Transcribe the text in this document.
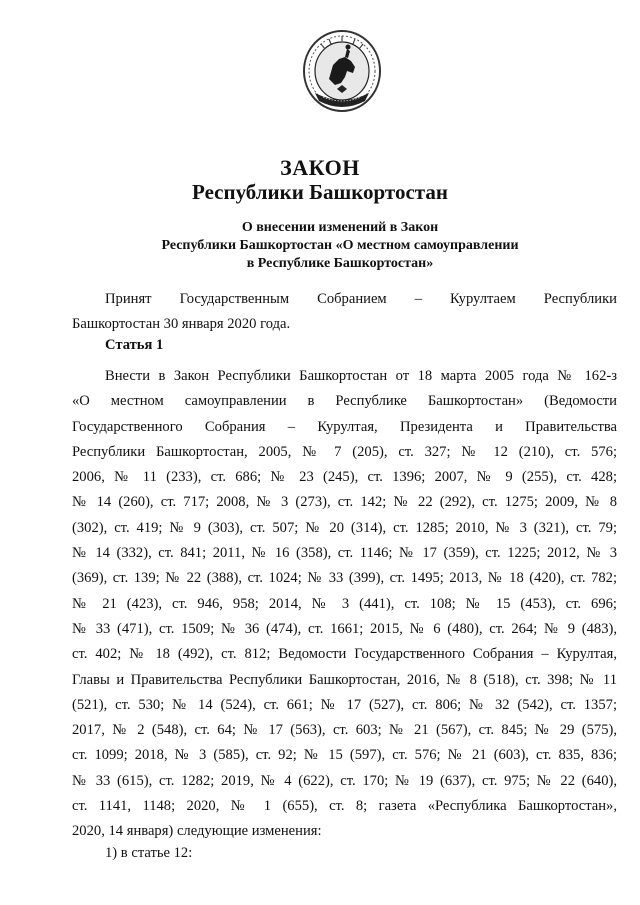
ЗАКОН
Республики Башкортостан
О внесении изменений в Закон
Республики Башкортостан «О местном самоуправлении
в Республике Башкортостан»
Принят Государственным Собранием – Курултаем Республики
Башкортостан 30 января 2020 года.
Статья 1
Внести в Закон Республики Башкортостан от 18 марта 2005 года № 162-з
«О местном самоуправлении в Республике Башкортостан» (Ведомости
Государственного Собрания – Курултая, Президента и Правительства
Республики Башкортостан, 2005, № 7 (205), ст. 327; № 12 (210), ст. 576;
2006, № 11 (233), ст. 686; № 23 (245), ст. 1396; 2007, № 9 (255), ст. 428;
№ 14 (260), ст. 717; 2008, № 3 (273), ст. 142; № 22 (292), ст. 1275; 2009, № 8
(302), ст. 419; № 9 (303), ст. 507; № 20 (314), ст. 1285; 2010, № 3 (321), ст. 79;
№ 14 (332), ст. 841; 2011, № 16 (358), ст. 1146; № 17 (359), ст. 1225; 2012, № 3
(369), ст. 139; № 22 (388), ст. 1024; № 33 (399), ст. 1495; 2013, № 18 (420), ст. 782;
№ 21 (423), ст. 946, 958; 2014, № 3 (441), ст. 108; № 15 (453), ст. 696;
№ 33 (471), ст. 1509; № 36 (474), ст. 1661; 2015, № 6 (480), ст. 264; № 9 (483),
ст. 402; № 18 (492), ст. 812; Ведомости Государственного Собрания – Курултая,
Главы и Правительства Республики Башкортостан, 2016, № 8 (518), ст. 398; № 11
(521), ст. 530; № 14 (524), ст. 661; № 17 (527), ст. 806; № 32 (542), ст. 1357;
2017, № 2 (548), ст. 64; № 17 (563), ст. 603; № 21 (567), ст. 845; № 29 (575),
ст. 1099; 2018, № 3 (585), ст. 92; № 15 (597), ст. 576; № 21 (603), ст. 835, 836;
№ 33 (615), ст. 1282; 2019, № 4 (622), ст. 170; № 19 (637), ст. 975; № 22 (640),
ст. 1141, 1148; 2020, № 1 (655), ст. 8; газета «Республика Башкортостан»,
2020, 14 января) следующие изменения:
1) в статье 12:
